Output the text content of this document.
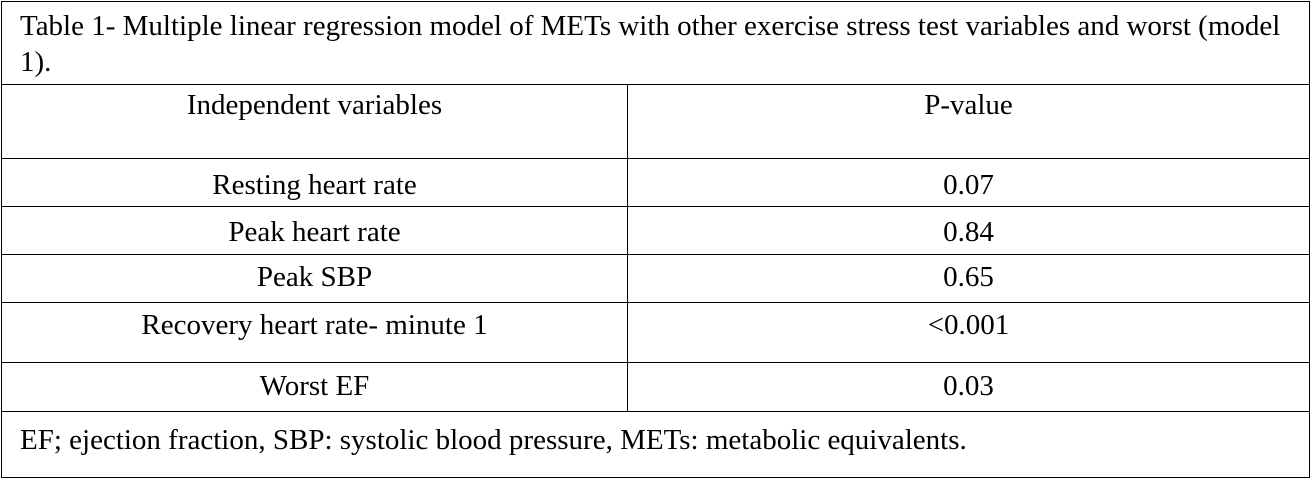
Table 1- Multiple linear regression model of METs with other exercise stress test variables and worst (model 1).
Independent variables	P-value
Resting heart rate	0.07
Peak heart rate	0.84
Peak SBP	0.65
Recovery heart rate- minute 1	<0.001
Worst EF	0.03
EF; ejection fraction, SBP: systolic blood pressure, METs: metabolic equivalents.
